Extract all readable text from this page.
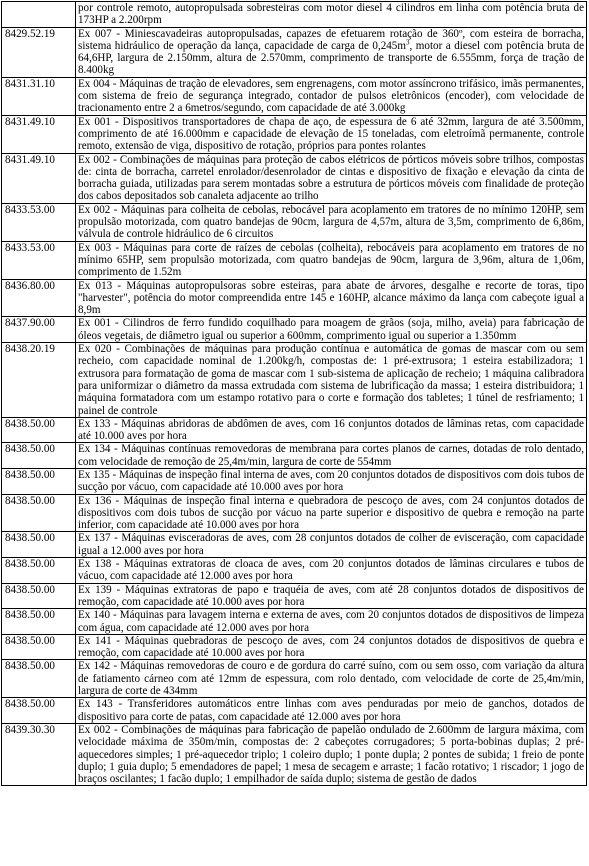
	por controle remoto, autopropulsada sobresteiras com motor diesel 4 cilindros em linha com potência bruta de 173HP a 2.200rpm
8429.52.19	Ex 007 - Miniescavadeiras autopropulsadas, capazes de efetuarem rotação de 360º, com esteira de borracha, sistema hidráulico de operação da lança, capacidade de carga de $0,245m^3$, motor a diesel com potência bruta de 64,6HP, largura de 2.150mm, altura de 2.570mm, comprimento de transporte de 6.555mm, força de tração de 8.400kg
8431.31.10	Ex 004 - Máquinas de tração de elevadores, sem engrenagens, com motor assíncrono trifásico, imãs permanentes, com sistema de freio de segurança integrado, contador de pulsos eletrônicos (encoder), com velocidade de tracionamento entre 2 a 6metros/segundo, com capacidade de até 3.000kg
8431.49.10	Ex 001 - Dispositivos transportadores de chapa de aço, de espessura de 6 até 32mm, largura de até 3.500mm, comprimento de até 16.000mm e capacidade de elevação de 15 toneladas, com eletroímã permanente, controle remoto, extensão de viga, dispositivo de rotação, próprios para pontes rolantes
8431.49.10	Ex 002 - Combinações de máquinas para proteção de cabos elétricos de pórticos móveis sobre trilhos, compostas de: cinta de borracha, carretel enrolador/desenrolador de cintas e dispositivo de fixação e elevação da cinta de borracha guiada, utilizadas para serem montadas sobre a estrutura de pórticos móveis com finalidade de proteção dos cabos depositados sob canaleta adjacente ao trilho
8433.53.00	Ex 002 - Máquinas para colheita de cebolas, rebocável para acoplamento em tratores de no mínimo 120HP, sem propulsão motorizada, com quatro bandejas de 90cm, largura de 4,57m, altura de 3,5m, comprimento de 6,86m, válvula de controle hidráulico de 6 circuitos
8433.53.00	Ex 003 - Máquinas para corte de raízes de cebolas (colheita), rebocáveis para acoplamento em tratores de no mínimo 65HP, sem propulsão motorizada, com quatro bandejas de 90cm, largura de 3,96m, altura de 1,06m, comprimento de 1.52m
8436.80.00	Ex 013 - Máquinas autopropulsoras sobre esteiras, para abate de árvores, desgalhe e recorte de toras, tipo "harvester", potência do motor compreendida entre 145 e 160HP, alcance máximo da lança com cabeçote igual a 8,9m
8437.90.00	Ex 001 - Cilindros de ferro fundido coquilhado para moagem de grãos (soja, milho, aveia) para fabricação de óleos vegetais, de diâmetro igual ou superior a 600mm, comprimento igual ou superior a 1.350mm
8438.20.19	Ex 020 - Combinações de máquinas para produção contínua e automática de gomas de mascar com ou sem recheio, com capacidade nominal de 1.200kg/h, compostas de: 1 pré-extrusora; 1 esteira estabilizadora; 1 extrusora para formatação de goma de mascar com 1 sub-sistema de aplicação de recheio; 1 máquina calibradora para uniformizar o diâmetro da massa extrudada com sistema de lubrificação da massa; 1 esteira distribuidora; 1 máquina formatadora com um estampo rotativo para o corte e formação dos tabletes; 1 túnel de resfriamento; 1 painel de controle
8438.50.00	Ex 133 - Máquinas abridoras de abdômen de aves, com 16 conjuntos dotados de lâminas retas, com capacidade até 10.000 aves por hora
8438.50.00	Ex 134 - Máquinas contínuas removedoras de membrana para cortes planos de carnes, dotadas de rolo dentado, com velocidade de remoção de 25,4m/min, largura de corte de 554mm
8438.50.00	Ex 135 - Máquinas de inspeção final interna de aves, com 20 conjuntos dotados de dispositivos com dois tubos de sucção por vácuo, com capacidade até 10.000 aves por hora
8438.50.00	Ex 136 - Máquinas de inspeção final interna e quebradora de pescoço de aves, com 24 conjuntos dotados de dispositivos com dois tubos de sucção por vácuo na parte superior e dispositivo de quebra e remoção na parte inferior, com capacidade até 10.000 aves por hora
8438.50.00	Ex 137 - Máquinas evisceradoras de aves, com 28 conjuntos dotados de colher de evisceração, com capacidade igual a 12.000 aves por hora
8438.50.00	Ex 138 - Máquinas extratoras de cloaca de aves, com 20 conjuntos dotados de lâminas circulares e tubos de vácuo, com capacidade até 12.000 aves por hora
8438.50.00	Ex 139 - Máquinas extratoras de papo e traquéia de aves, com até 28 conjuntos dotados de dispositivos de remoção, com capacidade até 10.000 aves por hora
8438.50.00	Ex 140 - Máquinas para lavagem interna e externa de aves, com 20 conjuntos dotados de dispositivos de limpeza com água, com capacidade até 12.000 aves por hora
8438.50.00	Ex 141 - Máquinas quebradoras de pescoço de aves, com 24 conjuntos dotados de dispositivos de quebra e remoção, com capacidade até 10.000 aves por hora
8438.50.00	Ex 142 - Máquinas removedoras de couro e de gordura do carré suíno, com ou sem osso, com variação da altura de fatiamento cárneo com até 12mm de espessura, com rolo dentado, com velocidade de corte de 25,4m/min, largura de corte de 434mm
8438.50.00	Ex 143 - Transferidores automáticos entre linhas com aves penduradas por meio de ganchos, dotados de dispositivo para corte de patas, com capacidade até 12.000 aves por hora
8439.30.30	Ex 002 - Combinações de máquinas para fabricação de papelão ondulado de 2.600mm de largura máxima, com velocidade máxima de 350m/min, compostas de: 2 cabeçotes corrugadores; 5 porta-bobinas duplas; 2 pré-aquecedores simples; 1 pré-aquecedor triplo; 1 coleiro duplo; 1 ponte dupla; 2 pontes de subida; 1 freio de ponte duplo; 1 guia duplo; 5 emendadores de papel; 1 mesa de secagem e arraste; 1 facão rotativo; 1 riscador; 1 jogo de braços oscilantes; 1 facão duplo; 1 empilhador de saída duplo; sistema de gestão de dados
